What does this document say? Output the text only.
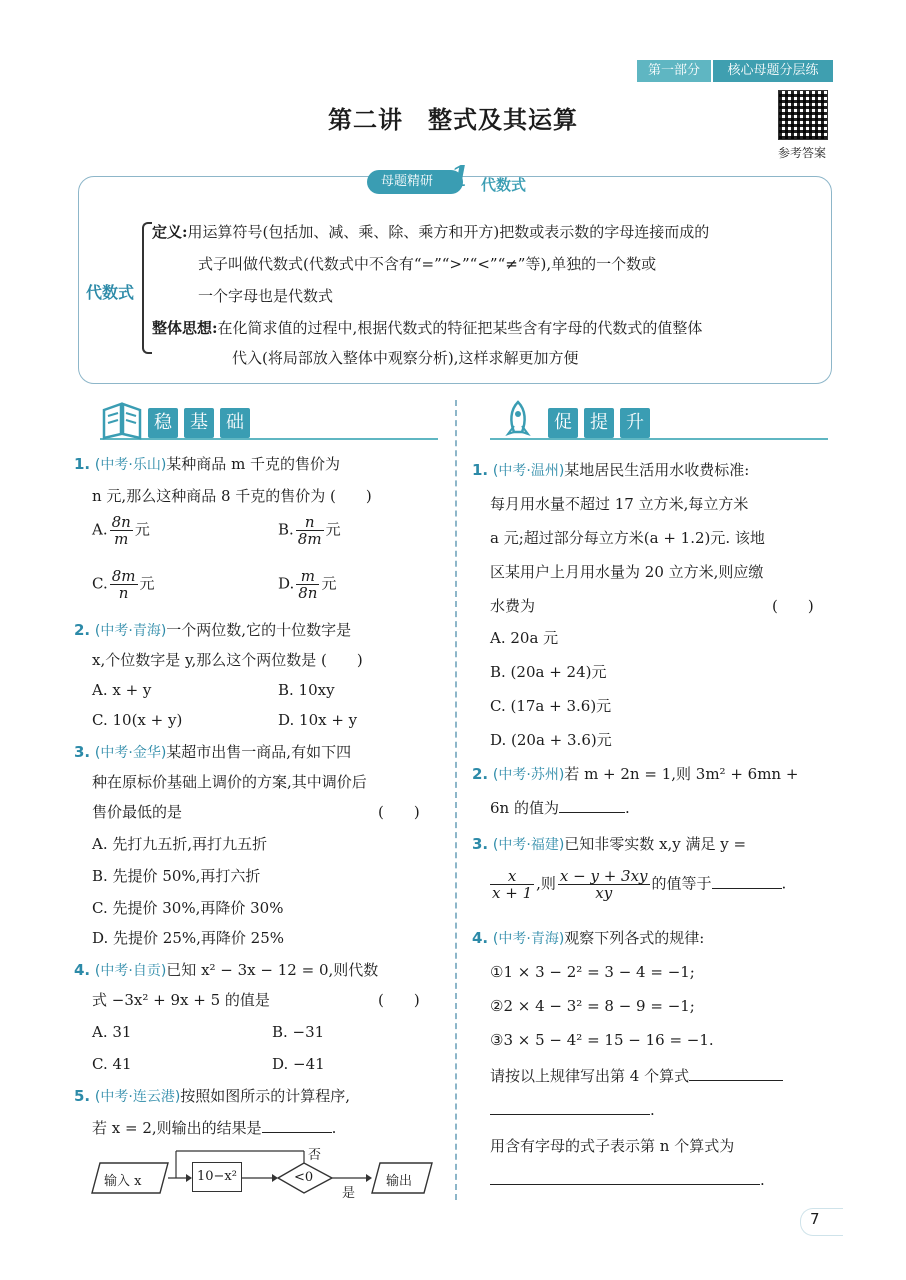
第一部分	核心母题分层练
第二讲　整式及其运算
参考答案
母题精研 1 代数式
代数式
定义:用运算符号(包括加、减、乘、除、乘方和开方)把数或表示数的字母连接而成的
式子叫做代数式(代数式中不含有“=”“>”“<”“≠”等),单独的一个数或
一个字母也是代数式
整体思想:在化简求值的过程中,根据代数式的特征把某些含有字母的代数式的值整体
代入(将局部放入整体中观察分析),这样求解更加方便
稳	基	础	促	提	升
1. (中考·乐山)某种商品 m 千克的售价为
n 元,那么这种商品 8 千克的售价为 (　　)
A. $\frac{8n}{m}$ 元	B. $\frac{n}{8m}$ 元
C. $\frac{8m}{n}$ 元	D. $\frac{m}{8n}$ 元
2. (中考·青海)一个两位数,它的十位数字是
x,个位数字是 y,那么这个两位数是 (　　)
A. x + y	B. 10xy
C. 10(x + y)	D. 10x + y
3. (中考·金华)某超市出售一商品,有如下四
种在原标价基础上调价的方案,其中调价后
售价最低的是	(　　)
A. 先打九五折,再打九五折
B. 先提价 50%,再打六折
C. 先提价 30%,再降价 30%
D. 先提价 25%,再降价 25%
4. (中考·自贡)已知 x² − 3x − 12 = 0,则代数
式 −3x² + 9x + 5 的值是	(　　)
A. 31	B. −31
C. 41	D. −41
5. (中考·连云港)按照如图所示的计算程序,
若 x = 2,则输出的结果是	.
输入 x	10−x²	<0
否
是
输出
1. (中考·温州)某地居民生活用水收费标准:
每月用水量不超过 17 立方米,每立方米
a 元;超过部分每立方米(a + 1.2)元. 该地
区某用户上月用水量为 20 立方米,则应缴
水费为	(　　)
A. 20a 元
B. (20a + 24)元
C. (17a + 3.6)元
D. (20a + 3.6)元
2. (中考·苏州)若 m + 2n = 1,则 3m² + 6mn +
6n 的值为	.
3. (中考·福建)已知非零实数 x,y 满足 y =
$\frac{x}{x + 1}$ ,则 $\frac{x - y + 3xy}{xy}$ 的值等于	.
4. (中考·青海)观察下列各式的规律:
①1 × 3 − 2² = 3 − 4 = −1;
②2 × 4 − 3² = 8 − 9 = −1;
③3 × 5 − 4² = 15 − 16 = −1.
请按以上规律写出第 4 个算式
.
用含有字母的式子表示第 n 个算式为
.
7
